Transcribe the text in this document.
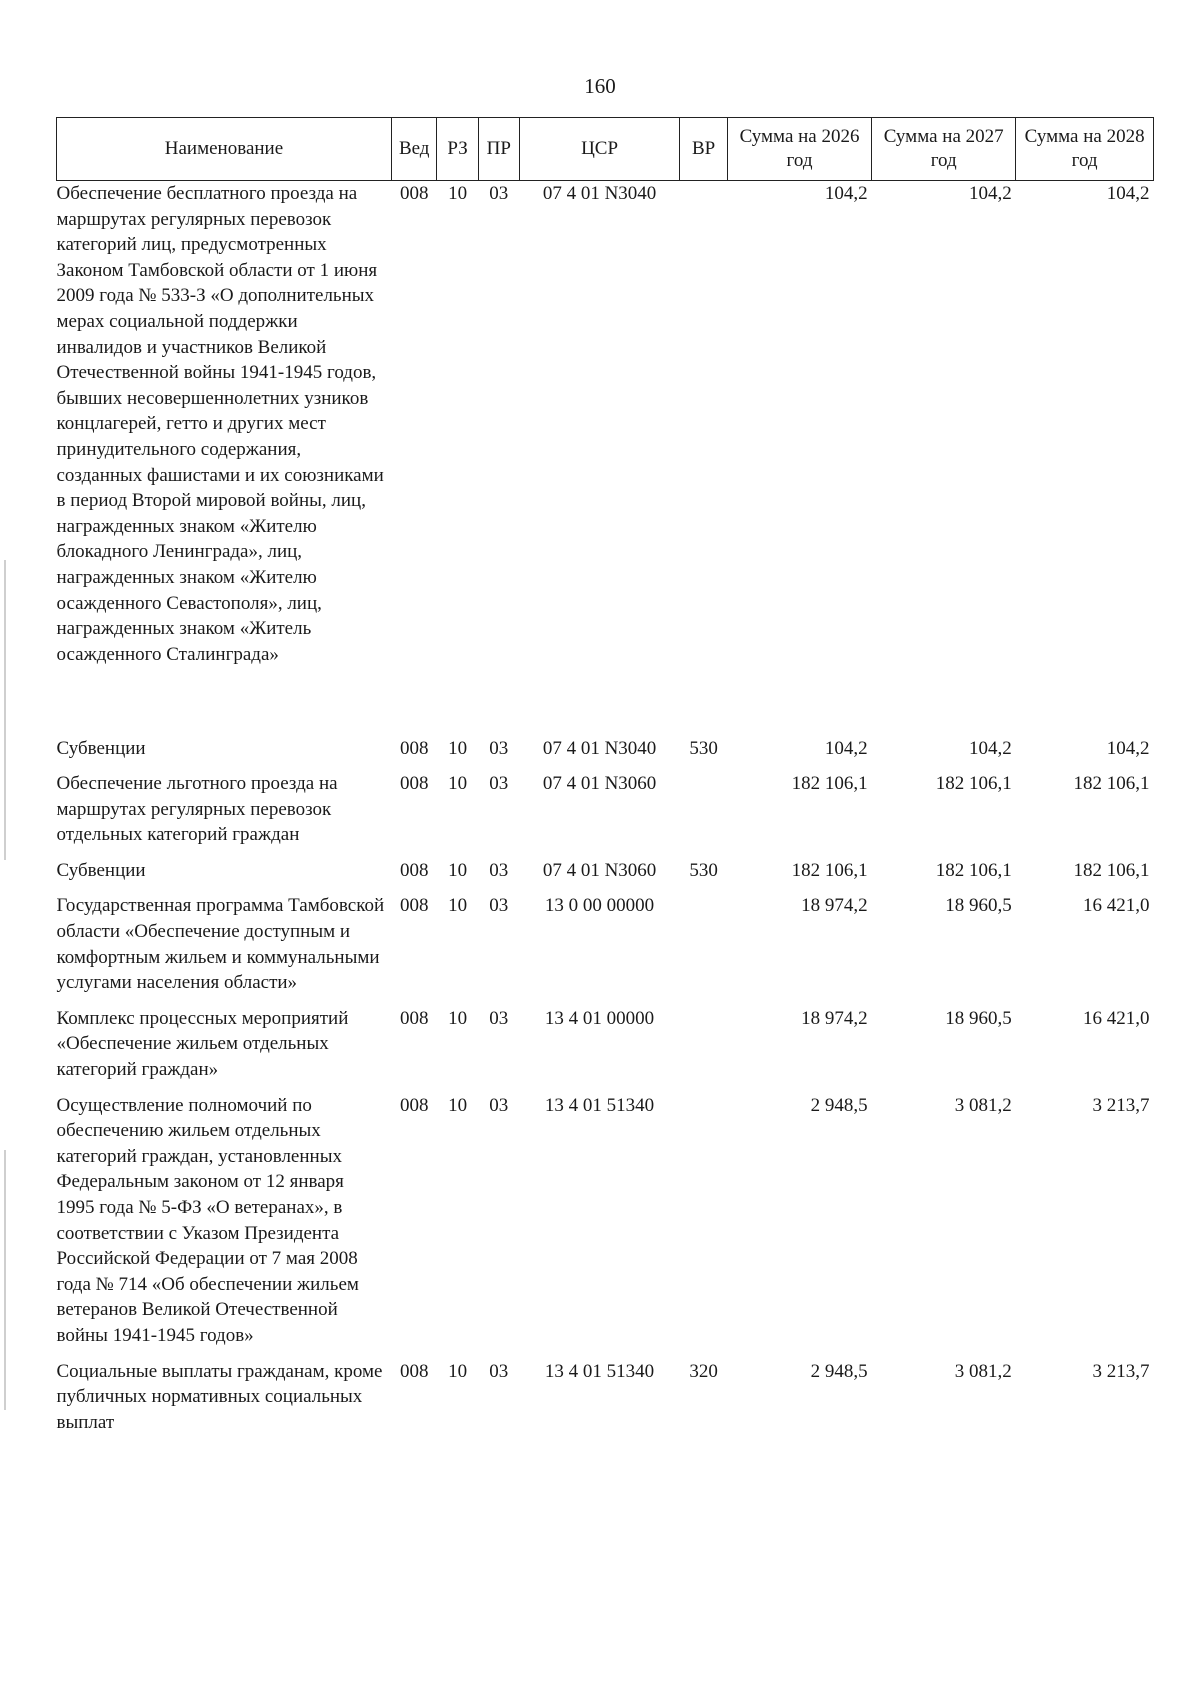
160
Наименование	Вед	РЗ	ПР	ЦСР	ВР	Сумма на 2026 год	Сумма на 2027 год	Сумма на 2028 год
Обеспечение бесплатного проезда на маршрутах регулярных перевозок категорий лиц, предусмотренных Законом Тамбовской области от 1 июня 2009 года № 533-З «О дополнительных мерах социальной поддержки инвалидов и участников Великой Отечественной войны 1941-1945 годов, бывших несовершеннолетних узников концлагерей, гетто и других мест принудительного содержания, созданных фашистами и их союзниками в период Второй мировой войны, лиц, награжденных знаком «Жителю блокадного Ленинграда», лиц, награжденных знаком «Жителю осажденного Севастополя», лиц, награжденных знаком «Житель осажденного Сталинграда»	008	10	03	07 4 01 N3040		104,2	104,2	104,2
Субвенции	008	10	03	07 4 01 N3040	530	104,2	104,2	104,2
Обеспечение льготного проезда на маршрутах регулярных перевозок отдельных категорий граждан	008	10	03	07 4 01 N3060		182 106,1	182 106,1	182 106,1
Субвенции	008	10	03	07 4 01 N3060	530	182 106,1	182 106,1	182 106,1
Государственная программа Тамбовской области «Обеспечение доступным и комфортным жильем и коммунальными услугами населения области»	008	10	03	13 0 00 00000		18 974,2	18 960,5	16 421,0
Комплекс процессных мероприятий «Обеспечение жильем отдельных категорий граждан»	008	10	03	13 4 01 00000		18 974,2	18 960,5	16 421,0
Осуществление полномочий по обеспечению жильем отдельных категорий граждан, установленных Федеральным законом от 12 января 1995 года № 5-ФЗ «О ветеранах», в соответствии с Указом Президента Российской Федерации от 7 мая 2008 года № 714 «Об обеспечении жильем ветеранов Великой Отечественной войны 1941-1945 годов»	008	10	03	13 4 01 51340		2 948,5	3 081,2	3 213,7
Социальные выплаты гражданам, кроме публичных нормативных социальных выплат	008	10	03	13 4 01 51340	320	2 948,5	3 081,2	3 213,7
